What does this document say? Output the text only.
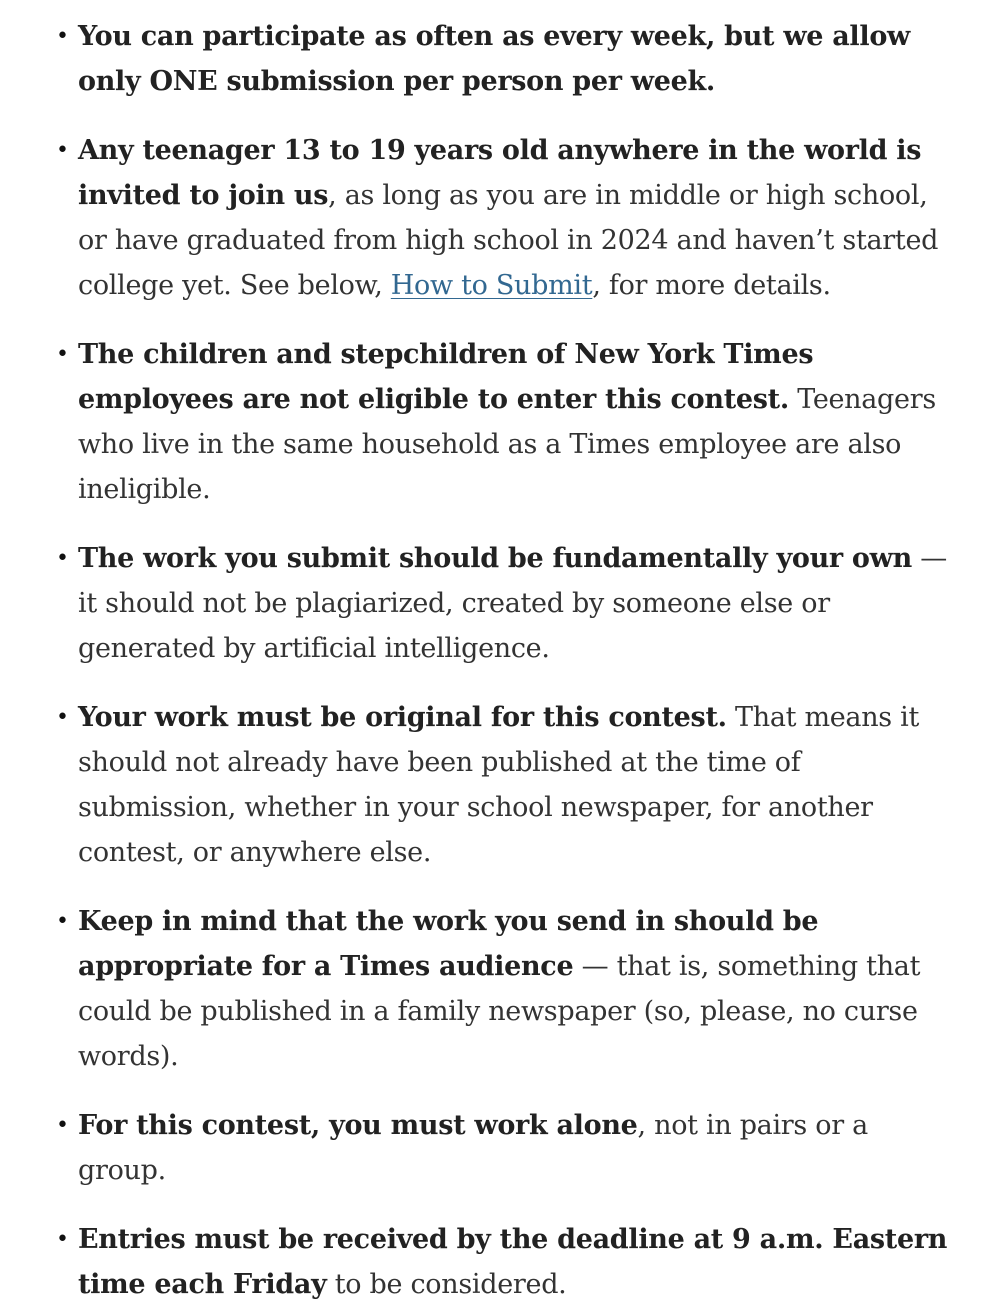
• You can participate as often as every week, but we allow only ONE submission per person per week.
• Any teenager 13 to 19 years old anywhere in the world is invited to join us, as long as you are in middle or high school, or have graduated from high school in 2024 and haven’t started college yet. See below, How to Submit, for more details.
• The children and stepchildren of New York Times employees are not eligible to enter this contest. Teenagers who live in the same household as a Times employee are also ineligible.
• The work you submit should be fundamentally your own — it should not be plagiarized, created by someone else or generated by artificial intelligence.
• Your work must be original for this contest. That means it should not already have been published at the time of submission, whether in your school newspaper, for another contest, or anywhere else.
• Keep in mind that the work you send in should be appropriate for a Times audience — that is, something that could be published in a family newspaper (so, please, no curse words).
• For this contest, you must work alone, not in pairs or a group.
• Entries must be received by the deadline at 9 a.m. Eastern time each Friday to be considered.
